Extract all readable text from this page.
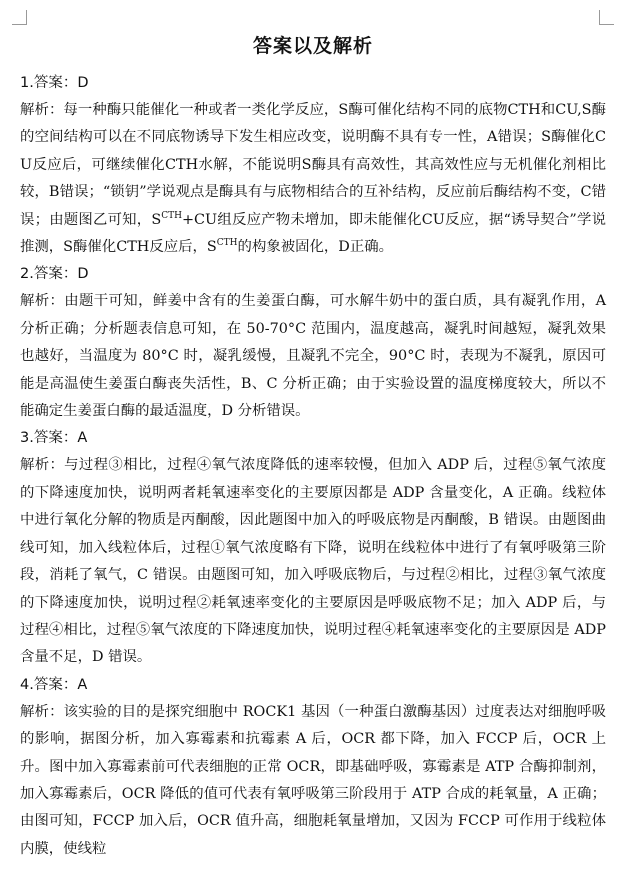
答案以及解析

1.答案：D

解析：每一种酶只能催化一种或者一类化学反应，S酶可催化结构不同的底物CTH和CU,S酶的空间结构可以在不同底物诱导下发生相应改变，说明酶不具有专一性，A错误；S酶催化CU反应后，可继续催化CTH水解，不能说明S酶具有高效性，其高效性应与无机催化剂相比较，B错误；“锁钥”学说观点是酶具有与底物相结合的互补结构，反应前后酶结构不变，C错误；由题图乙可知，$S^{CTH}+CU$组反应产物未增加，即未能催化CU反应，据“诱导契合”学说推测，S酶催化CTH反应后，$S^{CTH}$的构象被固化，D正确。

2.答案：D

解析：由题干可知，鲜姜中含有的生姜蛋白酶，可水解牛奶中的蛋白质，具有凝乳作用，A分析正确；分析题表信息可知，在 50-70°C 范围内，温度越高，凝乳时间越短，凝乳效果也越好，当温度为 80°C 时，凝乳缓慢，且凝乳不完全，90°C 时，表现为不凝乳，原因可能是高温使生姜蛋白酶丧失活性，B、C 分析正确；由于实验设置的温度梯度较大，所以不能确定生姜蛋白酶的最适温度，D 分析错误。

3.答案：A

解析：与过程③相比，过程④氧气浓度降低的速率较慢，但加入 ADP 后，过程⑤氧气浓度的下降速度加快，说明两者耗氧速率变化的主要原因都是 ADP 含量变化，A 正确。线粒体中进行氧化分解的物质是丙酮酸，因此题图中加入的呼吸底物是丙酮酸，B 错误。由题图曲线可知，加入线粒体后，过程①氧气浓度略有下降，说明在线粒体中进行了有氧呼吸第三阶段，消耗了氧气，C 错误。由题图可知，加入呼吸底物后，与过程②相比，过程③氧气浓度的下降速度加快，说明过程②耗氧速率变化的主要原因是呼吸底物不足；加入 ADP 后，与过程④相比，过程⑤氧气浓度的下降速度加快，说明过程④耗氧速率变化的主要原因是 ADP 含量不足，D 错误。

4.答案：A

解析：该实验的目的是探究细胞中 ROCK1 基因（一种蛋白激酶基因）过度表达对细胞呼吸的影响，据图分析，加入寡霉素和抗霉素 A 后，OCR 都下降，加入 FCCP 后，OCR 上升。图中加入寡霉素前可代表细胞的正常 OCR，即基础呼吸，寡霉素是 ATP 合酶抑制剂，加入寡霉素后，OCR 降低的值可代表有氧呼吸第三阶段用于 ATP 合成的耗氧量，A 正确；由图可知，FCCP 加入后，OCR 值升高，细胞耗氧量增加，又因为 FCCP 可作用于线粒体内膜，使线粒
